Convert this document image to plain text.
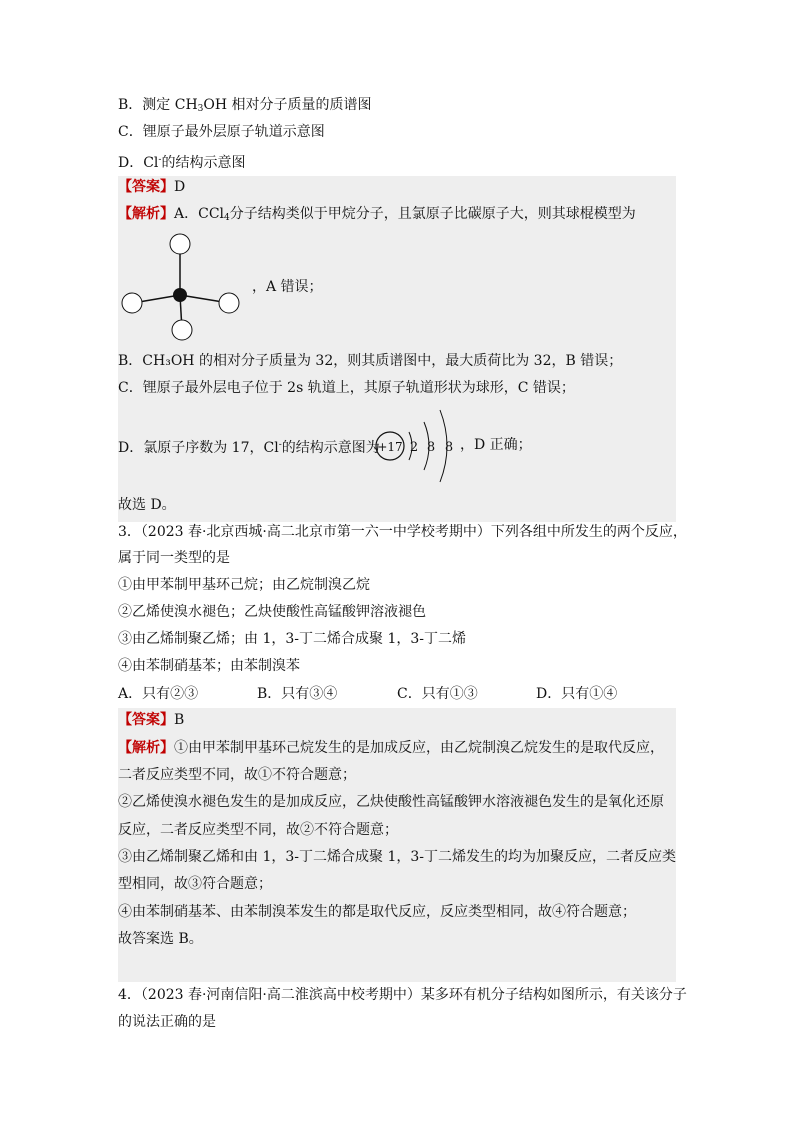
B．测定 $CH_3OH$ 相对分子质量的质谱图
C．锂原子最外层原子轨道示意图
D．Cl-的结构示意图
【答案】D
【解析】A．CCl$_4$分子结构类似于甲烷分子，且氯原子比碳原子大，则其球棍模型为
，A 错误；
B．CH₃OH 的相对分子质量为 32，则其质谱图中，最大质荷比为 32，B 错误；
C．锂原子最外层电子位于 2s 轨道上，其原子轨道形状为球形，C 错误；
D．氯原子序数为 17，Cl-的结构示意图为
+17 2 8 8 ，D 正确；
故选 D。
3．（2023 春·北京西城·高二北京市第一六一中学校考期中）下列各组中所发生的两个反应，
属于同一类型的是
①由甲苯制甲基环己烷；由乙烷制溴乙烷
②乙烯使溴水褪色；乙炔使酸性高锰酸钾溶液褪色
③由乙烯制聚乙烯；由 1，3-丁二烯合成聚 1，3-丁二烯
④由苯制硝基苯；由苯制溴苯
A．只有②③	B．只有③④	C．只有①③	D．只有①④
【答案】B
【解析】①由甲苯制甲基环己烷发生的是加成反应，由乙烷制溴乙烷发生的是取代反应，
二者反应类型不同，故①不符合题意；
②乙烯使溴水褪色发生的是加成反应，乙炔使酸性高锰酸钾水溶液褪色发生的是氧化还原
反应，二者反应类型不同，故②不符合题意；
③由乙烯制聚乙烯和由 1，3-丁二烯合成聚 1，3-丁二烯发生的均为加聚反应，二者反应类
型相同，故③符合题意；
④由苯制硝基苯、由苯制溴苯发生的都是取代反应，反应类型相同，故④符合题意；
故答案选 B。
4．（2023 春·河南信阳·高二淮滨高中校考期中）某多环有机分子结构如图所示，有关该分子
的说法正确的是
